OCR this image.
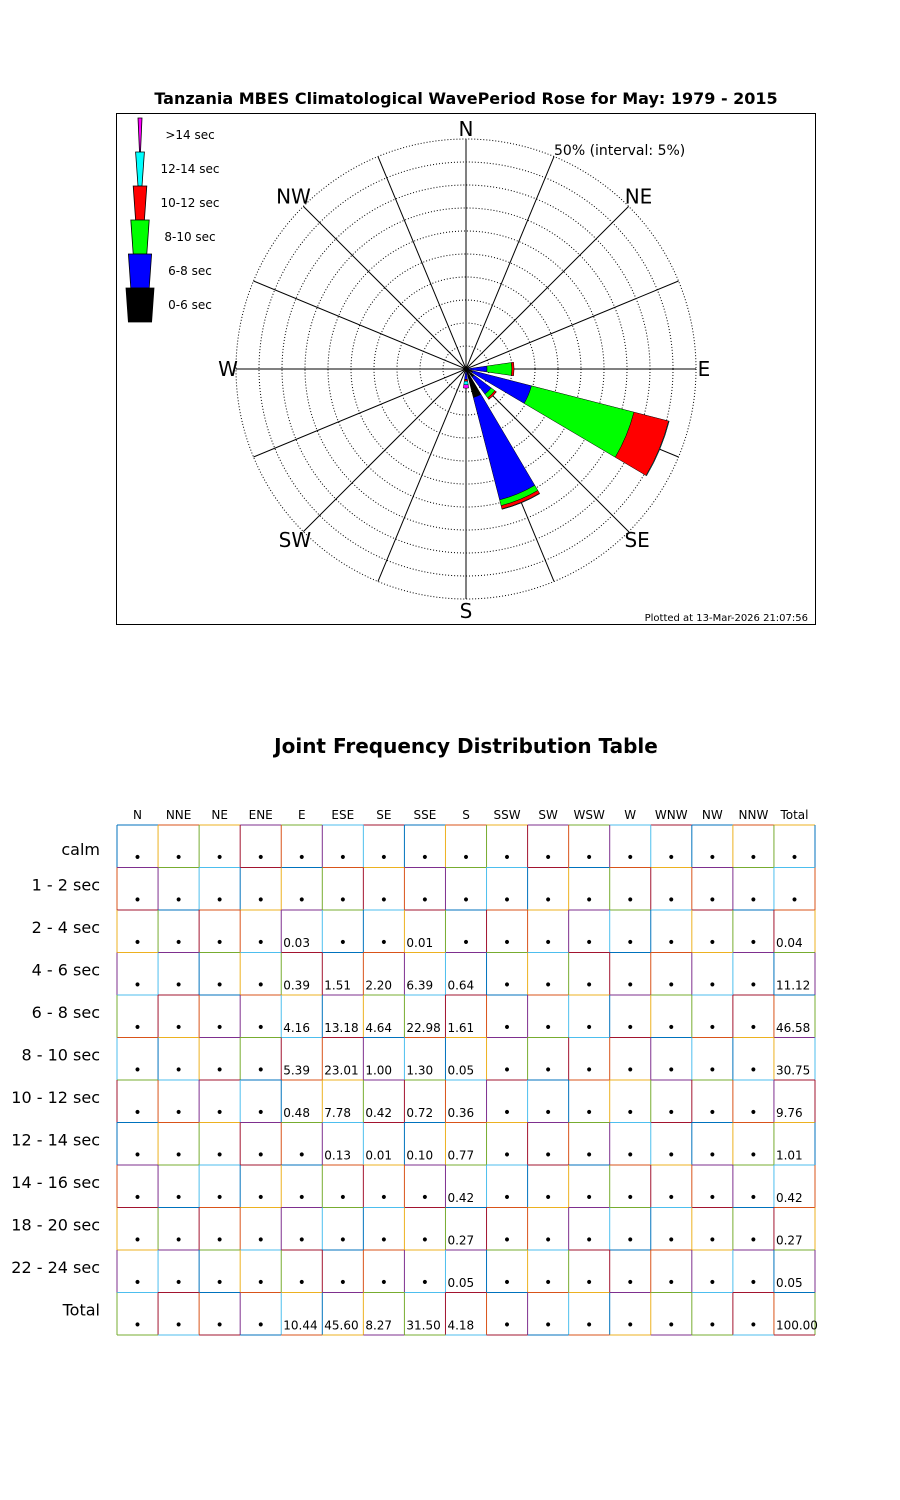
Tanzania MBES Climatological WavePeriod Rose for May: 1979 - 2015
N
NE
E
SE
S
SW
W
NW
50% (interval: 5%)
Plotted at 13-Mar-2026 21:07:56
>14 sec
12-14 sec
10-12 sec
8-10 sec
6-8 sec
0-6 sec
Joint Frequency Distribution Table
N NNE NE ENE E ESE SE SSE S SSW SW WSW W WNW NW NNW Total
calm • • • • • • • • • • • • • • • • •
1 - 2 sec
• • • • • • • • • • • • • • • • •
2 - 4 sec
• • • • 0.03 • • 0.01 • • • • • • • • 0.04
4 - 6 sec
• • • • 0.39 1.51 2.20 6.39 0.64 • • • • • • • 11.12
6 - 8 sec
• • • • 4.16 13.18 4.64 22.98 1.61 • • • • • • • 46.58
8 - 10 sec
• • • • 5.39 23.01 1.00 1.30 0.05 • • • • • • • 30.75
10 - 12 sec
• • • • 0.48 7.78 0.42 0.72 0.36 • • • • • • • 9.76
12 - 14 sec
• • • • • 0.13 0.01 0.10 0.77 • • • • • • • 1.01
14 - 16 sec
• • • • • • • • 0.42 • • • • • • • 0.42
18 - 20 sec
• • • • • • • • 0.27 • • • • • • • 0.27
22 - 24 sec
• • • • • • • • 0.05 • • • • • • • 0.05
Total
• • • • 10.44 45.60 8.27 31.50 4.18 • • • • • • • 100.00
